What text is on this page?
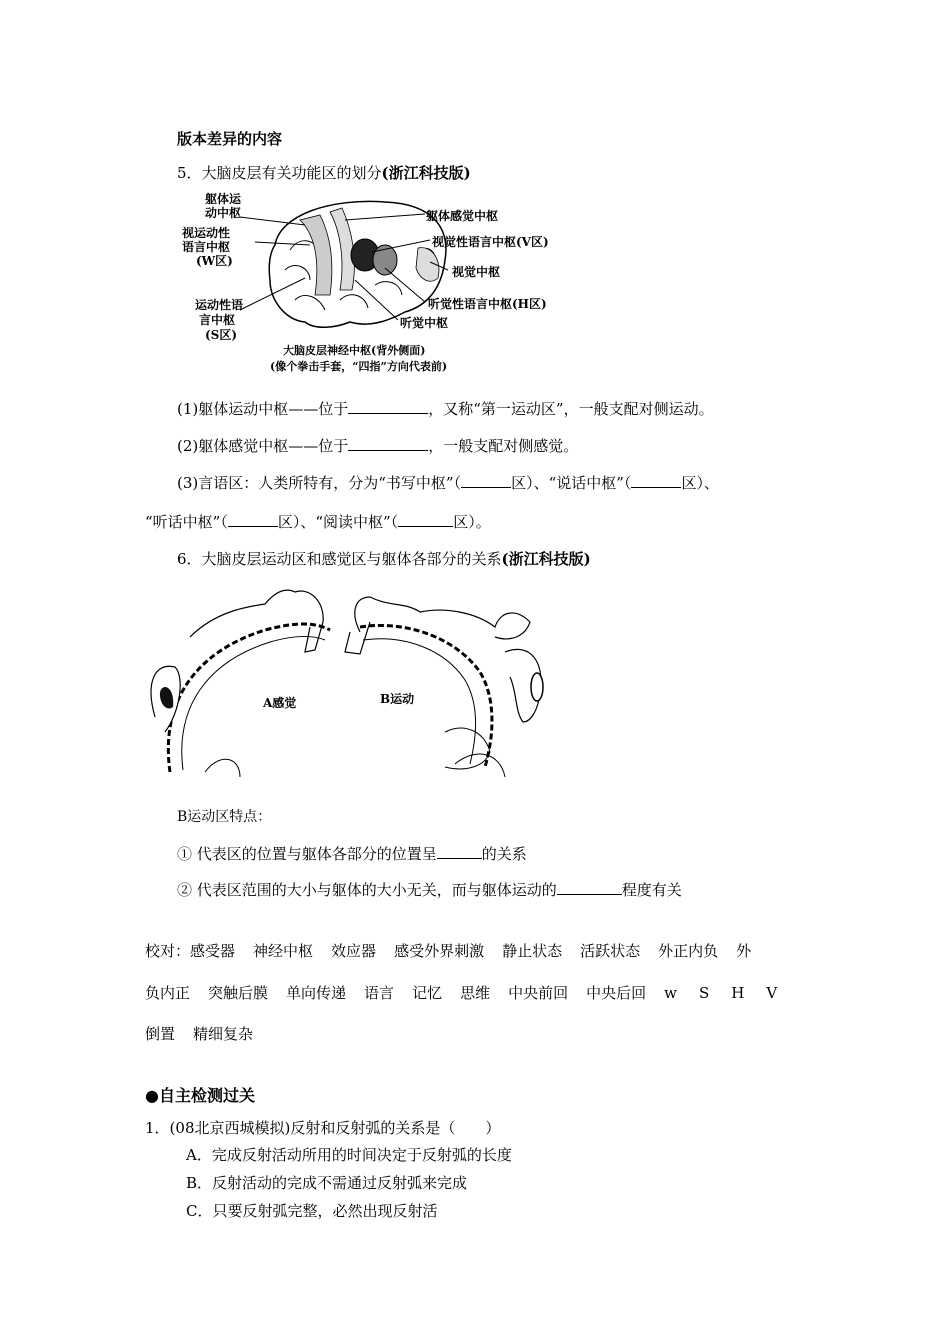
版本差异的内容
5．大脑皮层有关功能区的划分(浙江科技版)
躯体运
动中枢
视运动性
语言中枢
(W区)
运动性语
言中枢
(S区)
躯体感觉中枢
视觉性语言中枢(V区)
视觉中枢
听觉性语言中枢(H区)
听觉中枢
大脑皮层神经中枢(背外侧面)
(像个拳击手套，“四指”方向代表前)
(1)躯体运动中枢——位于	，又称“第一运动区”，一般支配对侧运动。
(2)躯体感觉中枢——位于	，一般支配对侧感觉。
(3)言语区：人类所特有，分为“书写中枢”（	区）、“说话中枢”（	区）、
“听话中枢”（	区）、“阅读中枢”（	区）。
6．大脑皮层运动区和感觉区与躯体各部分的关系(浙江科技版)
A感觉	B运动
B运动区特点：
① 代表区的位置与躯体各部分的位置呈	的关系
② 代表区范围的大小与躯体的大小无关，而与躯体运动的	程度有关
校对：感受器 神经中枢 效应器 感受外界刺激 静止状态 活跃状态 外正内负 外
负内正 突触后膜 单向传递 语言 记忆 思维 中央前回 中央后回 w S H V
倒置 精细复杂
●自主检测过关
1．(08北京西城模拟)反射和反射弧的关系是（　　）
A．完成反射活动所用的时间决定于反射弧的长度
B．反射活动的完成不需通过反射弧来完成
C．只要反射弧完整，必然出现反射活
